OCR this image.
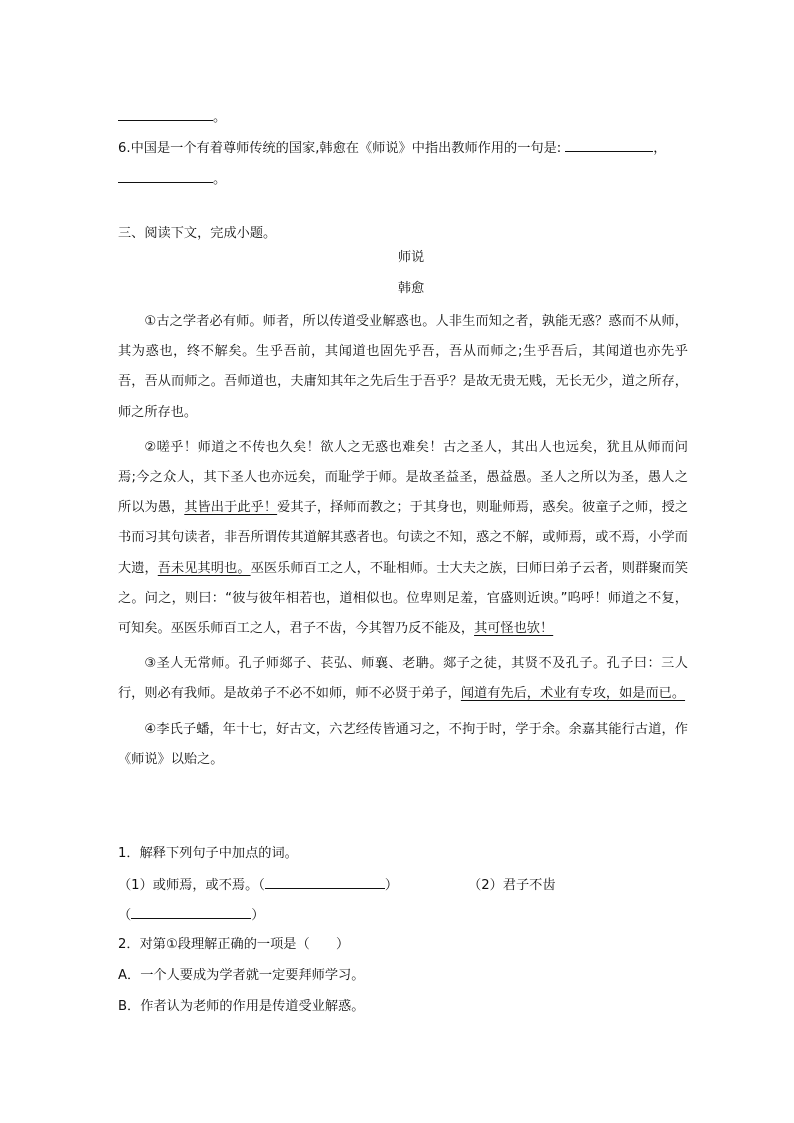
。
6.中国是一个有着尊师传统的国家,韩愈在《师说》中指出教师作用的一句是:	，
。
三、阅读下文，完成小题。
师说
韩愈

①古之学者必有师。师者，所以传道受业解惑也。人非生而知之者，孰能无惑？惑而不从师，其为惑也，终不解矣。生乎吾前，其闻道也固先乎吾，吾从而师之;生乎吾后，其闻道也亦先乎吾，吾从而师之。吾师道也，夫庸知其年之先后生于吾乎？是故无贵无贱，无长无少，道之所存，师之所存也。

②嗟乎！师道之不传也久矣！欲人之无惑也难矣！古之圣人，其出人也远矣，犹且从师而问焉;今之众人，其下圣人也亦远矣，而耻学于师。是故圣益圣，愚益愚。圣人之所以为圣，愚人之所以为愚，其皆出于此乎！爱其子，择师而教之；于其身也，则耻师焉，惑矣。彼童子之师，授之书而习其句读者，非吾所谓传其道解其惑者也。句读之不知，惑之不解，或师焉，或不焉，小学而大遗，吾未见其明也。巫医乐师百工之人，不耻相师。士大夫之族，曰师曰弟子云者，则群聚而笑之。问之，则曰：“彼与彼年相若也，道相似也。位卑则足羞，官盛则近谀。”呜呼！师道之不复，可知矣。巫医乐师百工之人，君子不齿，今其智乃反不能及，其可怪也欤！

③圣人无常师。孔子师郯子、苌弘、师襄、老聃。郯子之徒，其贤不及孔子。孔子曰：三人行，则必有我师。是故弟子不必不如师，师不必贤于弟子，闻道有先后，术业有专攻，如是而已。

④李氏子蟠，年十七，好古文，六艺经传皆通习之，不拘于时，学于余。余嘉其能行古道，作《师说》以贻之。

1．解释下列句子中加点的词。
（1）或师焉，或不焉。（	）	（2）君子不齿
（	）
2．对第①段理解正确的一项是（　　）
A．一个人要成为学者就一定要拜师学习。
B．作者认为老师的作用是传道受业解惑。
